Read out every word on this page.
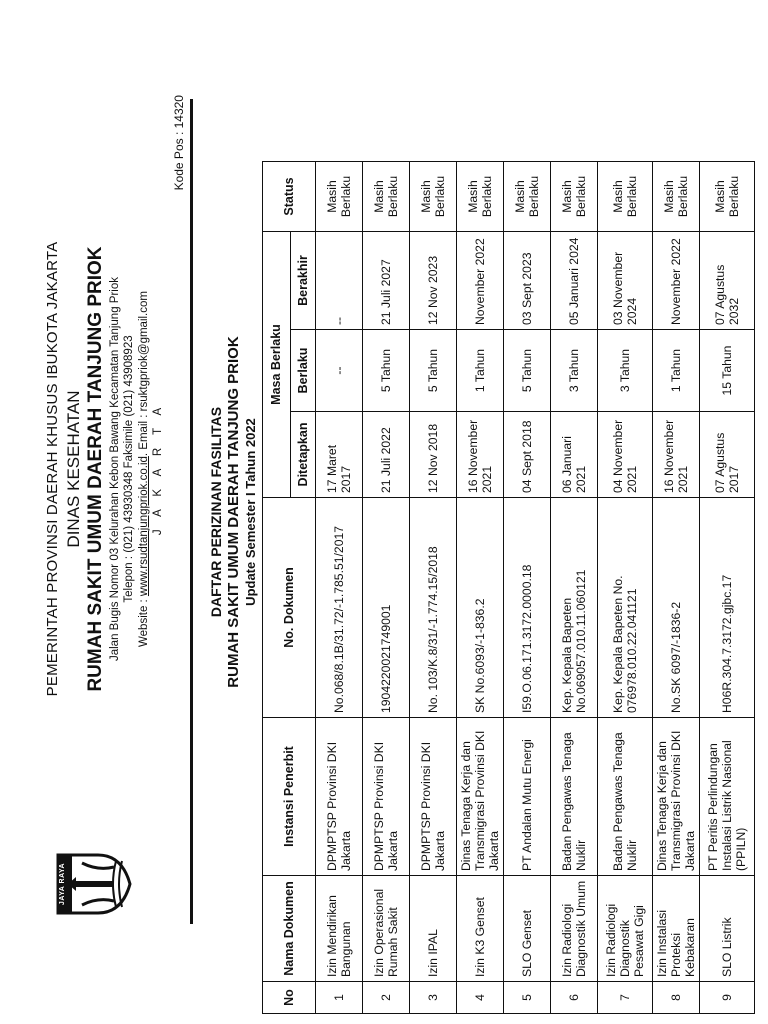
JAYA RAYA
PEMERINTAH PROVINSI DAERAH KHUSUS IBUKOTA JAKARTA DINAS KESEHATAN RUMAH SAKIT UMUM DAERAH TANJUNG PRIOK Jalan Bugis Nomor 03 Kelurahan Kebon Bawang Kecamatan Tanjung Priok Telepon : (021) 43930348 Faksimile (021) 43908923
Website : www.rsudtanjungpriok.co.id. Email : rsuktgpriok@gmail.com
J A K A R T A
Kode Pos : 14320
DAFTAR PERIZINAN FASILITAS RUMAH SAKIT UMUM DAERAH TANJUNG PRIOK Update Semester I Tahun 2022
No	Nama Dokumen	Instansi Penerbit	No. Dokumen	Masa Berlaku			Status
				Ditetapkan	Berlaku	Berakhir	
1	Izin Mendirikan Bangunan	DPMPTSP Provinsi DKI Jakarta	No.068/8.1B/31.72/-1.785.51/2017	17 Maret 2017	--	--	Masih Berlaku
2	Izin Operasional Rumah Sakit	DPMPTSP Provinsi DKI Jakarta	1904220021749001	21 Juli 2022	5 Tahun	21 Juli 2027	Masih Berlaku
3	Izin IPAL	DPMPTSP Provinsi DKI Jakarta	No. 103/K.8/31/-1.774.15/2018	12 Nov 2018	5 Tahun	12 Nov 2023	Masih Berlaku
4	Izin K3 Genset	Dinas Tenaga Kerja dan Transmigrasi Provinsi DKI Jakarta	SK No.6093/-1-836.2	16 November 2021	1 Tahun	November 2022	Masih Berlaku
5	SLO Genset	PT Andalan Mutu Energi	I59.O.06.171.3172.0000.18	04 Sept 2018	5 Tahun	03 Sept 2023	Masih Berlaku
6	Izin Radiologi Diagnostik Umum	Badan Pengawas Tenaga Nuklir	Kep. Kepala Bapeten No.069057.010.11.060121	06 Januari 2021	3 Tahun	05 Januari 2024	Masih Berlaku
7	Izin Radiologi Diagnostik Pesawat Gigi	Badan Pengawas Tenaga Nuklir	Kep. Kepala Bapeten No. 076978.010.22.041121	04 November 2021	3 Tahun	03 November 2024	Masih Berlaku
8	Izin Instalasi Proteksi Kebakaran	Dinas Tenaga Kerja dan Transmigrasi Provinsi DKI Jakarta	No.SK 6097/-1836-2	16 November 2021	1 Tahun	November 2022	Masih Berlaku
9	SLO Listrik	PT Peritis Perlindungan Instalasi Listrik Nasional (PPILN)	H06R.304.7.3172.gjbc.17	07 Agustus 2017	15 Tahun	07 Agustus 2032	Masih Berlaku
